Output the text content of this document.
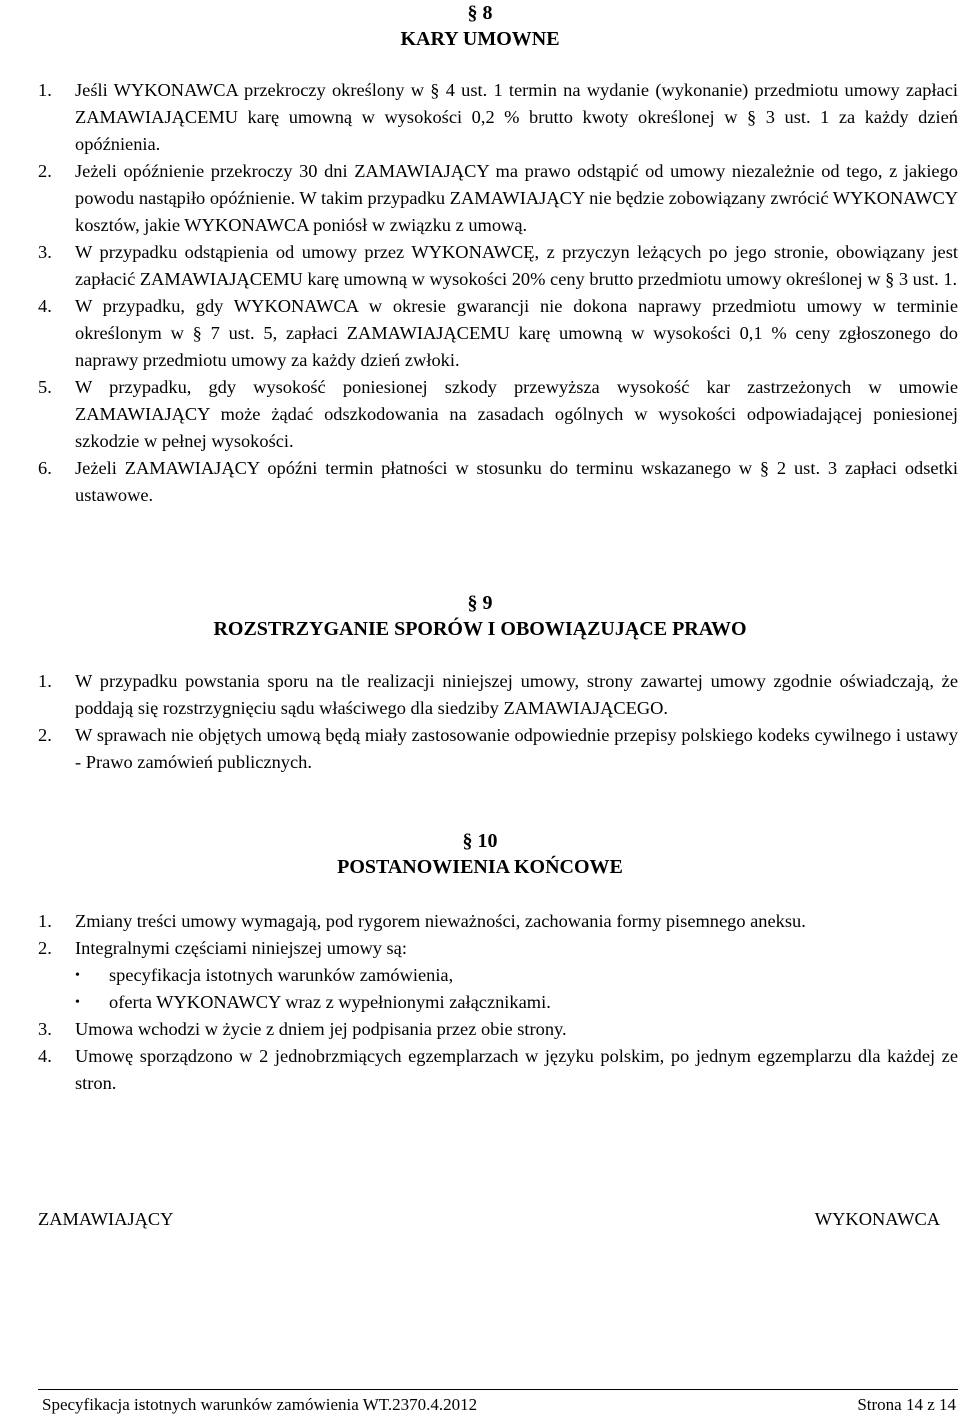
§ 8
KARY UMOWNE
1. Jeśli WYKONAWCA przekroczy określony w § 4 ust. 1 termin na wydanie (wykonanie) przedmiotu umowy zapłaci ZAMAWIAJĄCEMU karę umowną w wysokości 0,2 % brutto kwoty określonej w § 3 ust. 1 za każdy dzień opóźnienia.
2. Jeżeli opóźnienie przekroczy 30 dni ZAMAWIAJĄCY ma prawo odstąpić od umowy niezależnie od tego, z jakiego powodu nastąpiło opóźnienie. W takim przypadku ZAMAWIAJĄCY nie będzie zobowiązany zwrócić WYKONAWCY kosztów, jakie WYKONAWCA poniósł w związku z umową.
3. W przypadku odstąpienia od umowy przez WYKONAWCĘ, z przyczyn leżących po jego stronie, obowiązany jest zapłacić ZAMAWIAJĄCEMU karę umowną w wysokości 20% ceny brutto przedmiotu umowy określonej w § 3 ust. 1.
4. W przypadku, gdy WYKONAWCA w okresie gwarancji nie dokona naprawy przedmiotu umowy w terminie określonym w § 7 ust. 5, zapłaci ZAMAWIAJĄCEMU karę umowną w wysokości 0,1 % ceny zgłoszonego do naprawy przedmiotu umowy za każdy dzień zwłoki.
5. W przypadku, gdy wysokość poniesionej szkody przewyższa wysokość kar zastrzeżonych w umowie ZAMAWIAJĄCY może żądać odszkodowania na zasadach ogólnych w wysokości odpowiadającej poniesionej szkodzie w pełnej wysokości.
6. Jeżeli ZAMAWIAJĄCY opóźni termin płatności w stosunku do terminu wskazanego w § 2 ust. 3 zapłaci odsetki ustawowe.
§ 9
ROZSTRZYGANIE SPORÓW I OBOWIĄZUJĄCE PRAWO
1. W przypadku powstania sporu na tle realizacji niniejszej umowy, strony zawartej umowy zgodnie oświadczają, że poddają się rozstrzygnięciu sądu właściwego dla siedziby ZAMAWIAJĄCEGO.
2. W sprawach nie objętych umową będą miały zastosowanie odpowiednie przepisy polskiego kodeks cywilnego i ustawy - Prawo zamówień publicznych.
§ 10
POSTANOWIENIA KOŃCOWE
1. Zmiany treści umowy wymagają, pod rygorem nieważności, zachowania formy pisemnego aneksu.
2. Integralnymi częściami niniejszej umowy są:
• specyfikacja istotnych warunków zamówienia,
• oferta WYKONAWCY wraz z wypełnionymi załącznikami.
3. Umowa wchodzi w życie z dniem jej podpisania przez obie strony.
4. Umowę sporządzono w 2 jednobrzmiących egzemplarzach w języku polskim, po jednym egzemplarzu dla każdej ze stron.
ZAMAWIAJĄCY	WYKONAWCA
Specyfikacja istotnych warunków zamówienia WT.2370.4.2012	Strona 14 z 14
